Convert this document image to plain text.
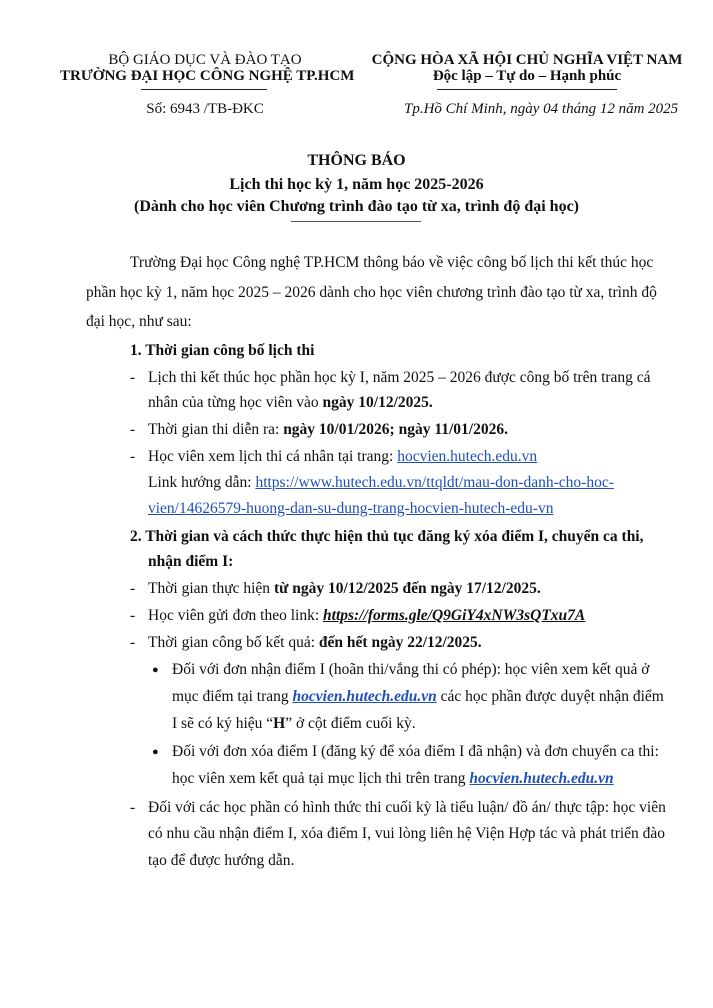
BỘ GIÁO DỤC VÀ ĐÀO TẠO
TRƯỜNG ĐẠI HỌC CÔNG NGHỆ TP.HCM
CỘNG HÒA XÃ HỘI CHỦ NGHĨA VIỆT NAM
Độc lập – Tự do – Hạnh phúc
Số: 6943 /TB-ĐKC	Tp.Hồ Chí Minh, ngày 04 tháng 12 năm 2025
THÔNG BÁO
Lịch thi học kỳ 1, năm học 2025-2026
(Dành cho học viên Chương trình đào tạo từ xa, trình độ đại học)
Trường Đại học Công nghệ TP.HCM thông báo về việc công bố lịch thi kết thúc học
phần học kỳ 1, năm học 2025 – 2026 dành cho học viên chương trình đào tạo từ xa, trình độ
đại học, như sau:
1. Thời gian công bố lịch thi
- Lịch thi kết thúc học phần học kỳ I, năm 2025 – 2026 được công bố trên trang cá
nhân của từng học viên vào ngày 10/12/2025.
- Thời gian thi diễn ra: ngày 10/01/2026; ngày 11/01/2026.
- Học viên xem lịch thi cá nhân tại trang: hocvien.hutech.edu.vn
Link hướng dẫn: https://www.hutech.edu.vn/ttqldt/mau-don-danh-cho-hoc-
vien/14626579-huong-dan-su-dung-trang-hocvien-hutech-edu-vn
2. Thời gian và cách thức thực hiện thủ tục đăng ký xóa điểm I, chuyển ca thi,
nhận điểm I:
- Thời gian thực hiện từ ngày 10/12/2025 đến ngày 17/12/2025.
- Học viên gửi đơn theo link: https://forms.gle/Q9GiY4xNW3sQTxu7A
- Thời gian công bố kết quả: đến hết ngày 22/12/2025.
● Đối với đơn nhận điểm I (hoãn thi/vắng thi có phép): học viên xem kết quả ở
mục điểm tại trang hocvien.hutech.edu.vn các học phần được duyệt nhận điểm
I sẽ có ký hiệu “H” ở cột điểm cuối kỳ.
● Đối với đơn xóa điểm I (đăng ký để xóa điểm I đã nhận) và đơn chuyển ca thi:
học viên xem kết quả tại mục lịch thi trên trang hocvien.hutech.edu.vn
- Đối với các học phần có hình thức thi cuối kỳ là tiểu luận/ đồ án/ thực tập: học viên
có nhu cầu nhận điểm I, xóa điểm I, vui lòng liên hệ Viện Hợp tác và phát triển đào
tạo để được hướng dẫn.
